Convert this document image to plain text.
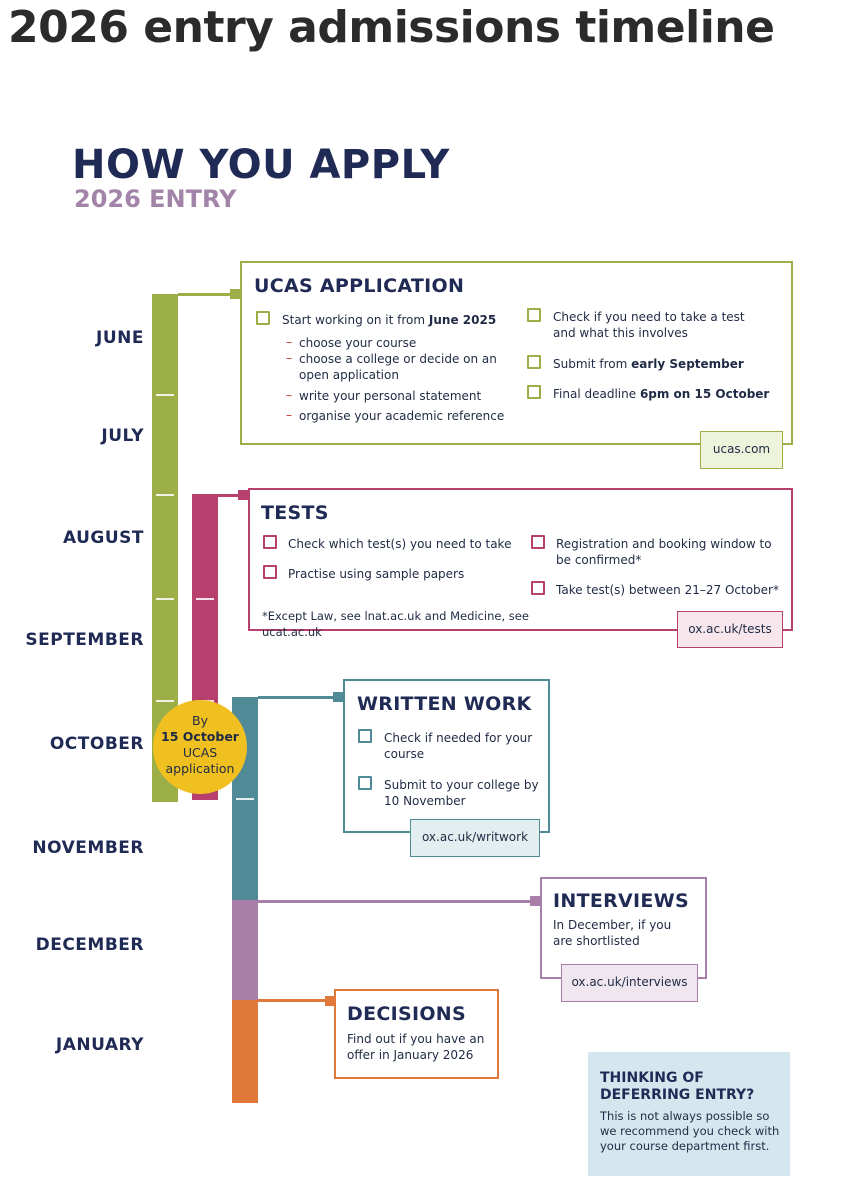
2026 entry admissions timeline
HOW YOU APPLY
2026 ENTRY
JUNE
JULY
AUGUST
SEPTEMBER
OCTOBER
NOVEMBER
DECEMBER
JANUARY
By
15 October
UCAS
application
UCAS APPLICATION
Start working on it from June 2025
– choose your course
– choose a college or decide on an open application
– write your personal statement
– organise your academic reference
Check if you need to take a test and what this involves
Submit from early September
Final deadline 6pm on 15 October
ucas.com
TESTS
Check which test(s) you need to take
Practise using sample papers
Registration and booking window to be confirmed*
Take test(s) between 21–27 October*
*Except Law, see lnat.ac.uk and Medicine, see ucat.ac.uk	ox.ac.uk/tests
WRITTEN WORK
Check if needed for your course
Submit to your college by 10 November
ox.ac.uk/writwork
INTERVIEWS
In December, if you are shortlisted
ox.ac.uk/interviews
DECISIONS
Find out if you have an offer in January 2026
THINKING OF DEFERRING ENTRY?
This is not always possible so we recommend you check with your course department first.
